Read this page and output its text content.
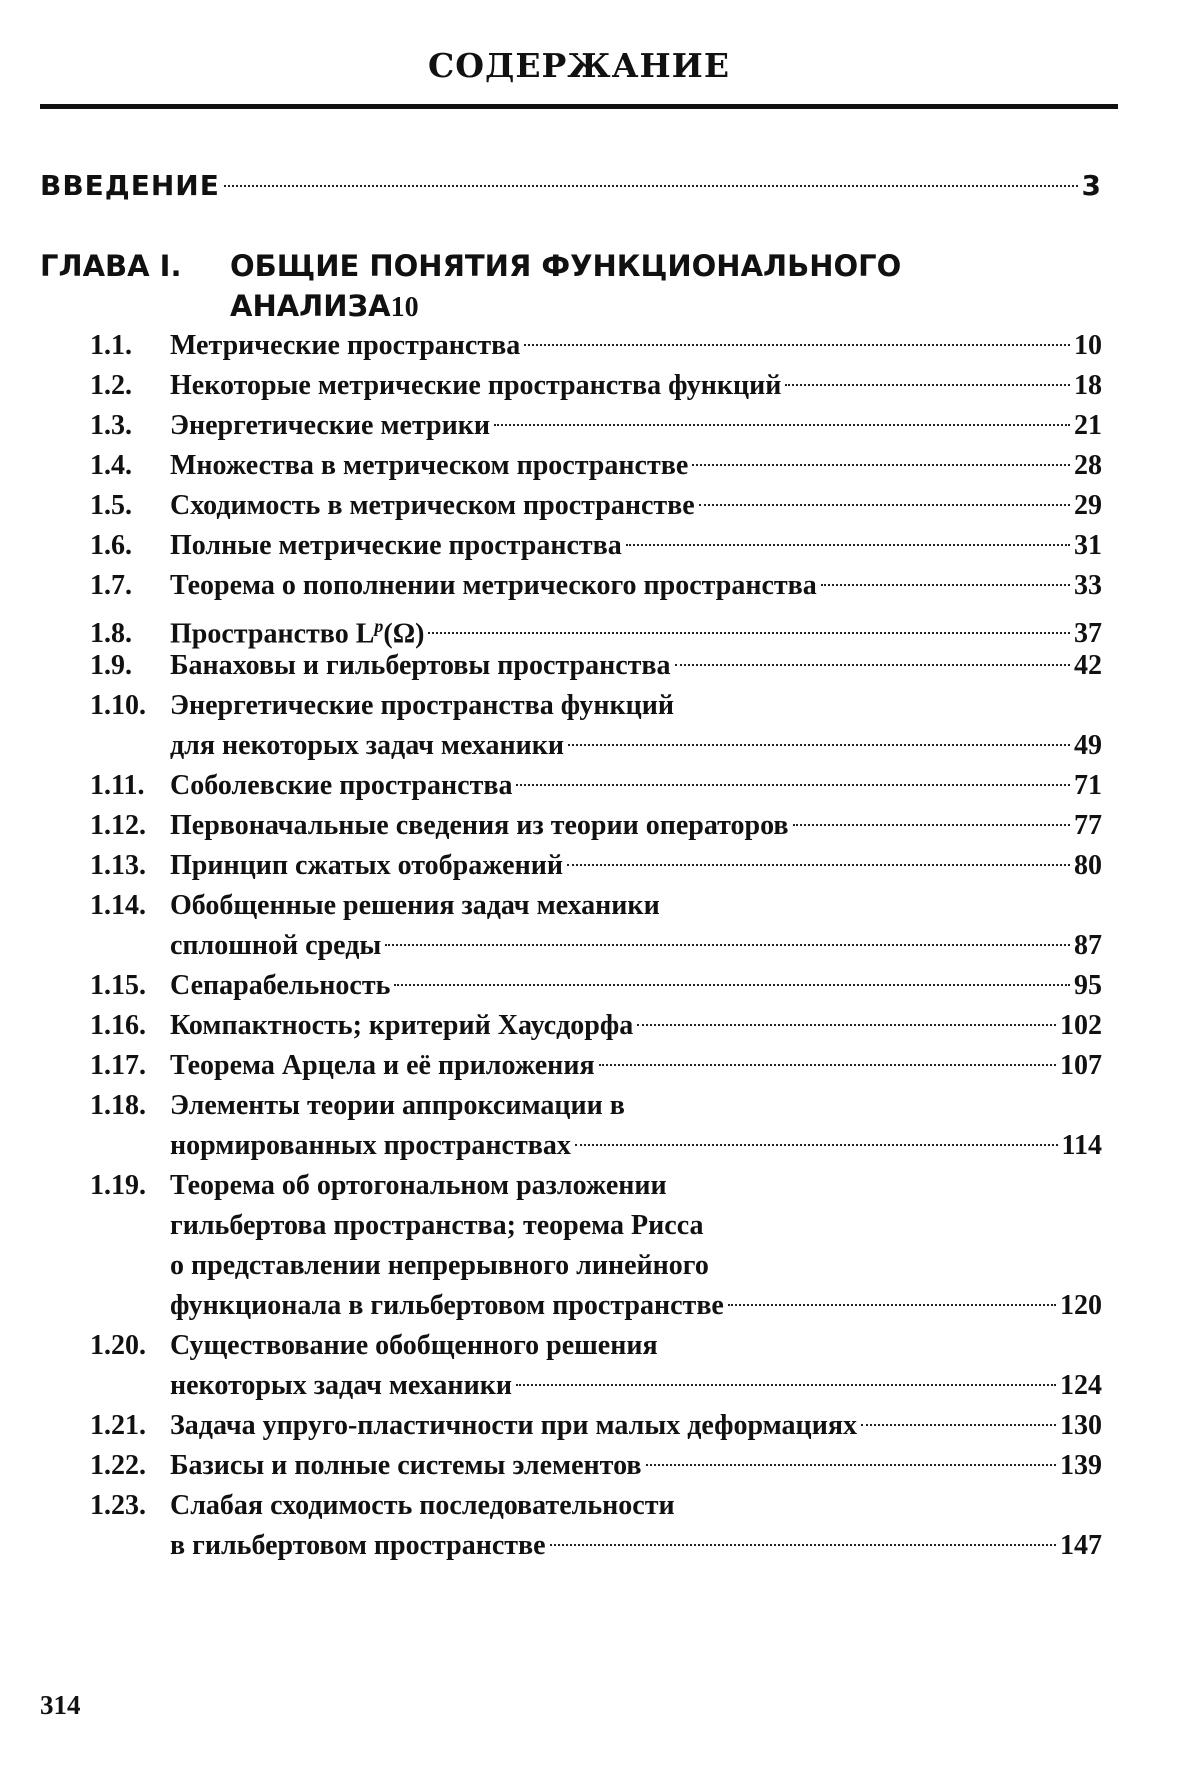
СОДЕРЖАНИЕ
ВВЕДЕНИЕ	3
ГЛАВА I. ОБЩИЕ ПОНЯТИЯ ФУНКЦИОНАЛЬНОГО
АНАЛИЗА 10
1.1.	Метрические пространства	10
1.2.	Некоторые метрические пространства функций	18
1.3.	Энергетические метрики	21
1.4.	Множества в метрическом пространстве	28
1.5.	Сходимость в метрическом пространстве	29
1.6.	Полные метрические пространства	31
1.7.	Теорема о пополнении метрического пространства	33
1.8.	Пространство $L^p(\Omega)$	37
1.9.	Банаховы и гильбертовы пространства	42
1.10. Энергетические пространства функций
для некоторых задач механики	49
1.11. Соболевские пространства	71
1.12. Первоначальные сведения из теории операторов	77
1.13. Принцип сжатых отображений	80
1.14. Обобщенные решения задач механики
сплошной среды	87
1.15. Сепарабельность	95
1.16. Компактность; критерий Хаусдорфа	102
1.17. Теорема Арцела и её приложения	107
1.18. Элементы теории аппроксимации в
нормированных пространствах	114
1.19. Теорема об ортогональном разложении
гильбертова пространства; теорема Рисса
о представлении непрерывного линейного
функционала в гильбертовом пространстве	120
1.20. Существование обобщенного решения
некоторых задач механики	124
1.21. Задача упруго-пластичности при малых деформациях	130
1.22. Базисы и полные системы элементов	139
1.23. Слабая сходимость последовательности
в гильбертовом пространстве	147
314
